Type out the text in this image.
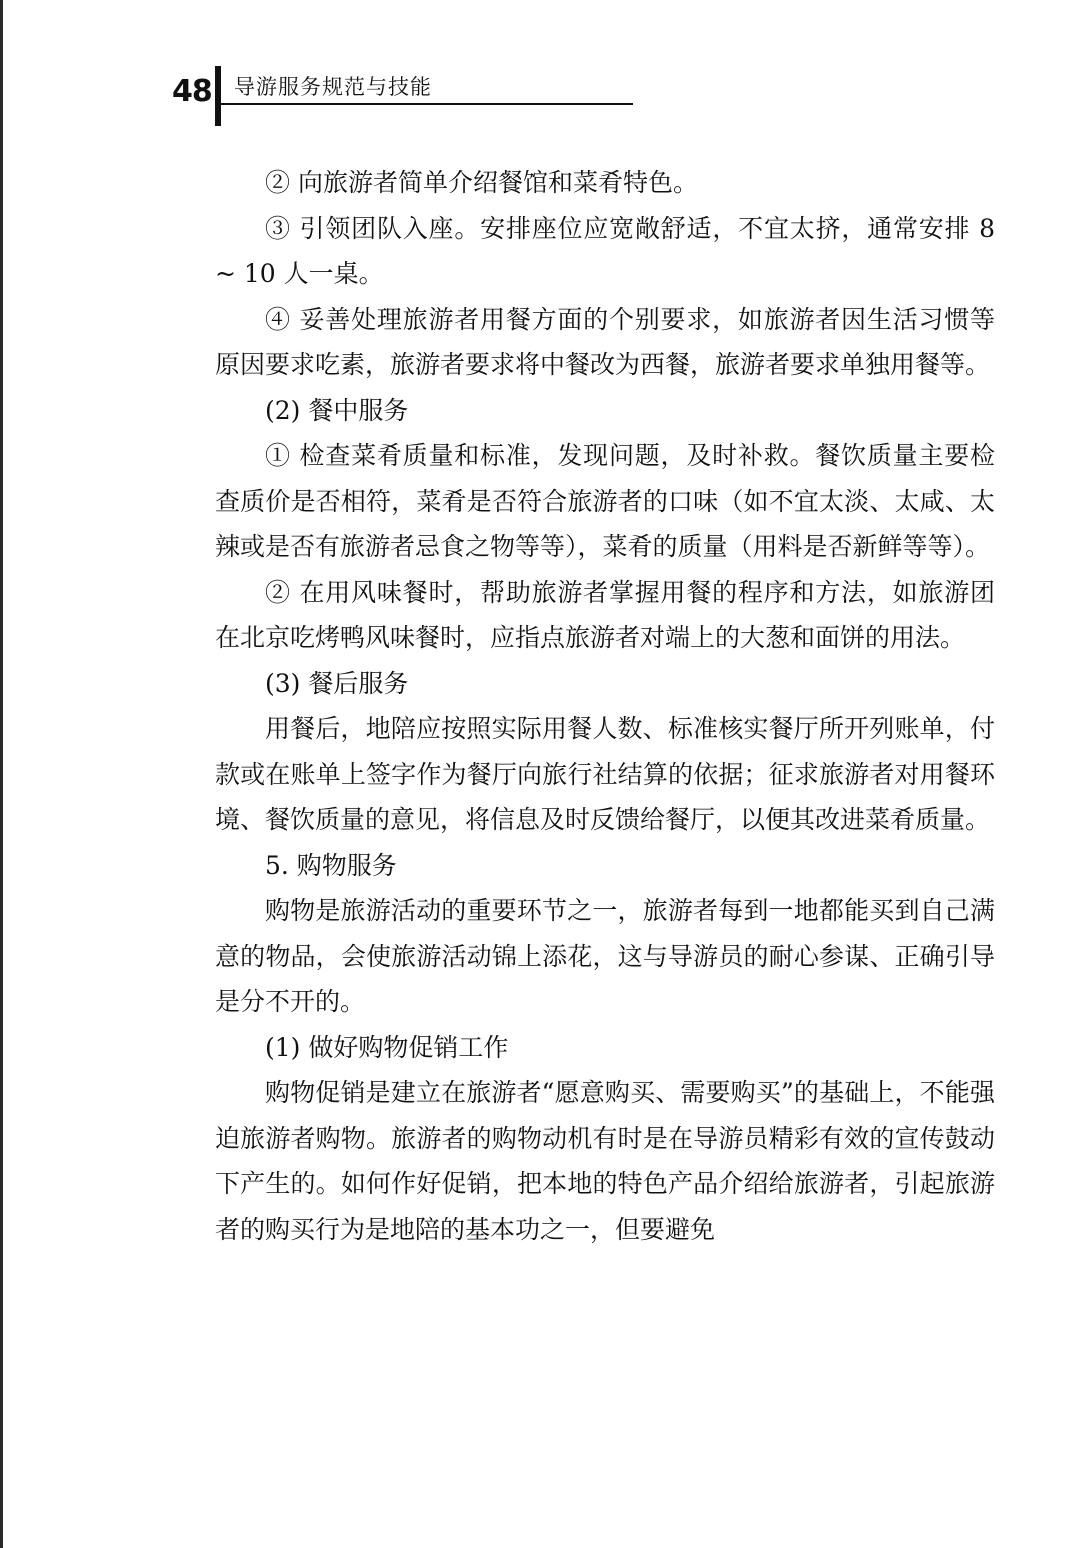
48 导游服务规范与技能

② 向旅游者简单介绍餐馆和菜肴特色。

③ 引领团队入座。安排座位应宽敞舒适，不宜太挤，通常安排 8 ~ 10 人一桌。

④ 妥善处理旅游者用餐方面的个别要求，如旅游者因生活习惯等原因要求吃素，旅游者要求将中餐改为西餐，旅游者要求单独用餐等。

(2) 餐中服务

① 检查菜肴质量和标准，发现问题，及时补救。餐饮质量主要检查质价是否相符，菜肴是否符合旅游者的口味（如不宜太淡、太咸、太辣或是否有旅游者忌食之物等等），菜肴的质量（用料是否新鲜等等）。

② 在用风味餐时，帮助旅游者掌握用餐的程序和方法，如旅游团在北京吃烤鸭风味餐时，应指点旅游者对端上的大葱和面饼的用法。

(3) 餐后服务

用餐后，地陪应按照实际用餐人数、标准核实餐厅所开列账单，付款或在账单上签字作为餐厅向旅行社结算的依据；征求旅游者对用餐环境、餐饮质量的意见，将信息及时反馈给餐厅，以便其改进菜肴质量。

5. 购物服务

购物是旅游活动的重要环节之一，旅游者每到一地都能买到自己满意的物品，会使旅游活动锦上添花，这与导游员的耐心参谋、正确引导是分不开的。

(1) 做好购物促销工作

购物促销是建立在旅游者“愿意购买、需要购买”的基础上，不能强迫旅游者购物。旅游者的购物动机有时是在导游员精彩有效的宣传鼓动下产生的。如何作好促销，把本地的特色产品介绍给旅游者，引起旅游者的购买行为是地陪的基本功之一，但要避免
